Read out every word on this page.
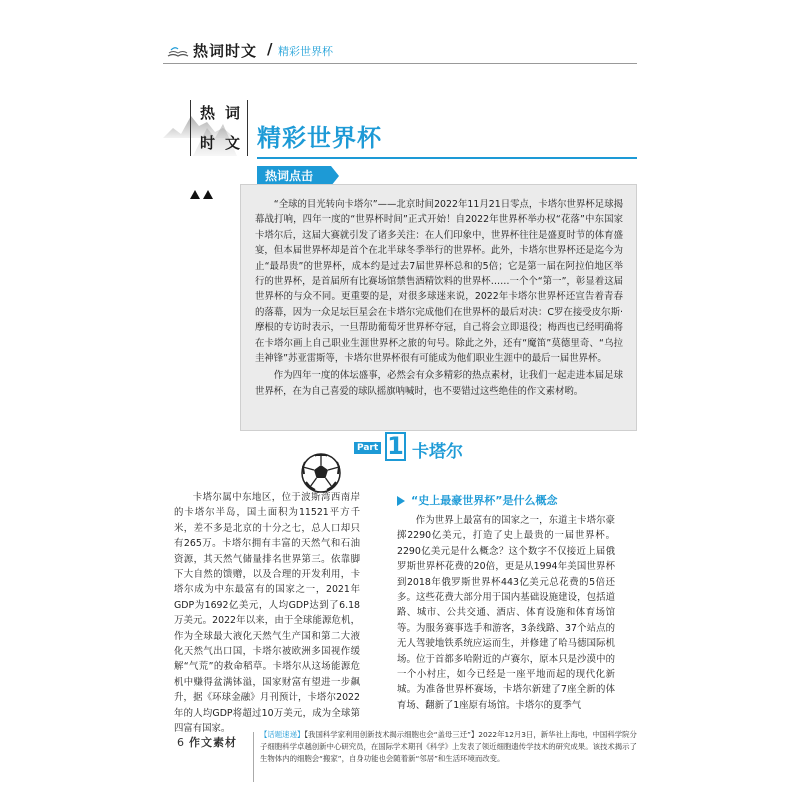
热词时文 / 精彩世界杯
热 词
时 文 精彩世界杯
热词点击

“全球的目光转向卡塔尔”——北京时间2022年11月21日零点，卡塔尔世界杯足球揭幕战打响，四年一度的“世界杯时间”正式开始！自2022年世界杯举办权“花落”中东国家卡塔尔后，这届大赛就引发了诸多关注：在人们印象中，世界杯往往是盛夏时节的体育盛宴，但本届世界杯却是首个在北半球冬季举行的世界杯。此外，卡塔尔世界杯还是迄今为止“最昂贵”的世界杯，成本约是过去7届世界杯总和的5倍；它是第一届在阿拉伯地区举行的世界杯，是首届所有比赛场馆禁售酒精饮料的世界杯……一个个“第一”，彰显着这届世界杯的与众不同。更重要的是，对很多球迷来说，2022年卡塔尔世界杯还宣告着青春的落幕，因为一众足坛巨星会在卡塔尔完成他们在世界杯的最后对决：C罗在接受皮尔斯·摩根的专访时表示，一旦帮助葡萄牙世界杯夺冠，自己将会立即退役；梅西也已经明确将在卡塔尔画上自己职业生涯世界杯之旅的句号。除此之外，还有“魔笛”莫德里奇、“乌拉圭神锋”苏亚雷斯等，卡塔尔世界杯很有可能成为他们职业生涯中的最后一届世界杯。

作为四年一度的体坛盛事，必然会有众多精彩的热点素材，让我们一起走进本届足球世界杯，在为自己喜爱的球队摇旗呐喊时，也不要错过这些绝佳的作文素材哟。

Part 1 卡塔尔

卡塔尔属中东地区，位于波斯湾西南岸的卡塔尔半岛，国土面积为11521平方千米，差不多是北京的十分之七，总人口却只有265万。卡塔尔拥有丰富的天然气和石油资源，其天然气储量排名世界第三。依靠脚下大自然的馈赠，以及合理的开发利用，卡塔尔成为中东最富有的国家之一，2021年GDP为1692亿美元，人均GDP达到了6.18万美元。2022年以来，由于全球能源危机，作为全球最大液化天然气生产国和第二大液化天然气出口国，卡塔尔被欧洲多国视作缓解“气荒”的救命稻草。卡塔尔从这场能源危机中赚得盆满钵溢，国家财富有望进一步飙升，据《环球金融》月刊预计，卡塔尔2022年的人均GDP将超过10万美元，成为全球第四富有国家。

“史上最豪世界杯”是什么概念

作为世界上最富有的国家之一，东道主卡塔尔豪掷2290亿美元，打造了史上最贵的一届世界杯。2290亿美元是什么概念？这个数字不仅接近上届俄罗斯世界杯花费的20倍，更是从1994年美国世界杯到2018年俄罗斯世界杯443亿美元总花费的5倍还多。这些花费大部分用于国内基础设施建设，包括道路、城市、公共交通、酒店、体育设施和体育场馆等。为服务赛事选手和游客，3条线路、37个站点的无人驾驶地铁系统应运而生，并修建了哈马德国际机场。位于首都多哈附近的卢赛尔，原本只是沙漠中的一个小村庄，如今已经是一座平地而起的现代化新城。为准备世界杯赛场，卡塔尔新建了7座全新的体育场、翻新了1座原有场馆。卡塔尔的夏季气

6 作文素材
【话题速递】【我国科学家利用创新技术揭示细胞也会“盖母三迁”】2022年12月3日，新华社上海电，中国科学院分子细胞科学卓越创新中心研究员，在国际学术期刊《科学》上发表了领近细胞遗传学技术的研究成果。该技术揭示了生物体内的细胞会“搬家”，自身功能也会随着新“邻居”和生活环境而改变。
